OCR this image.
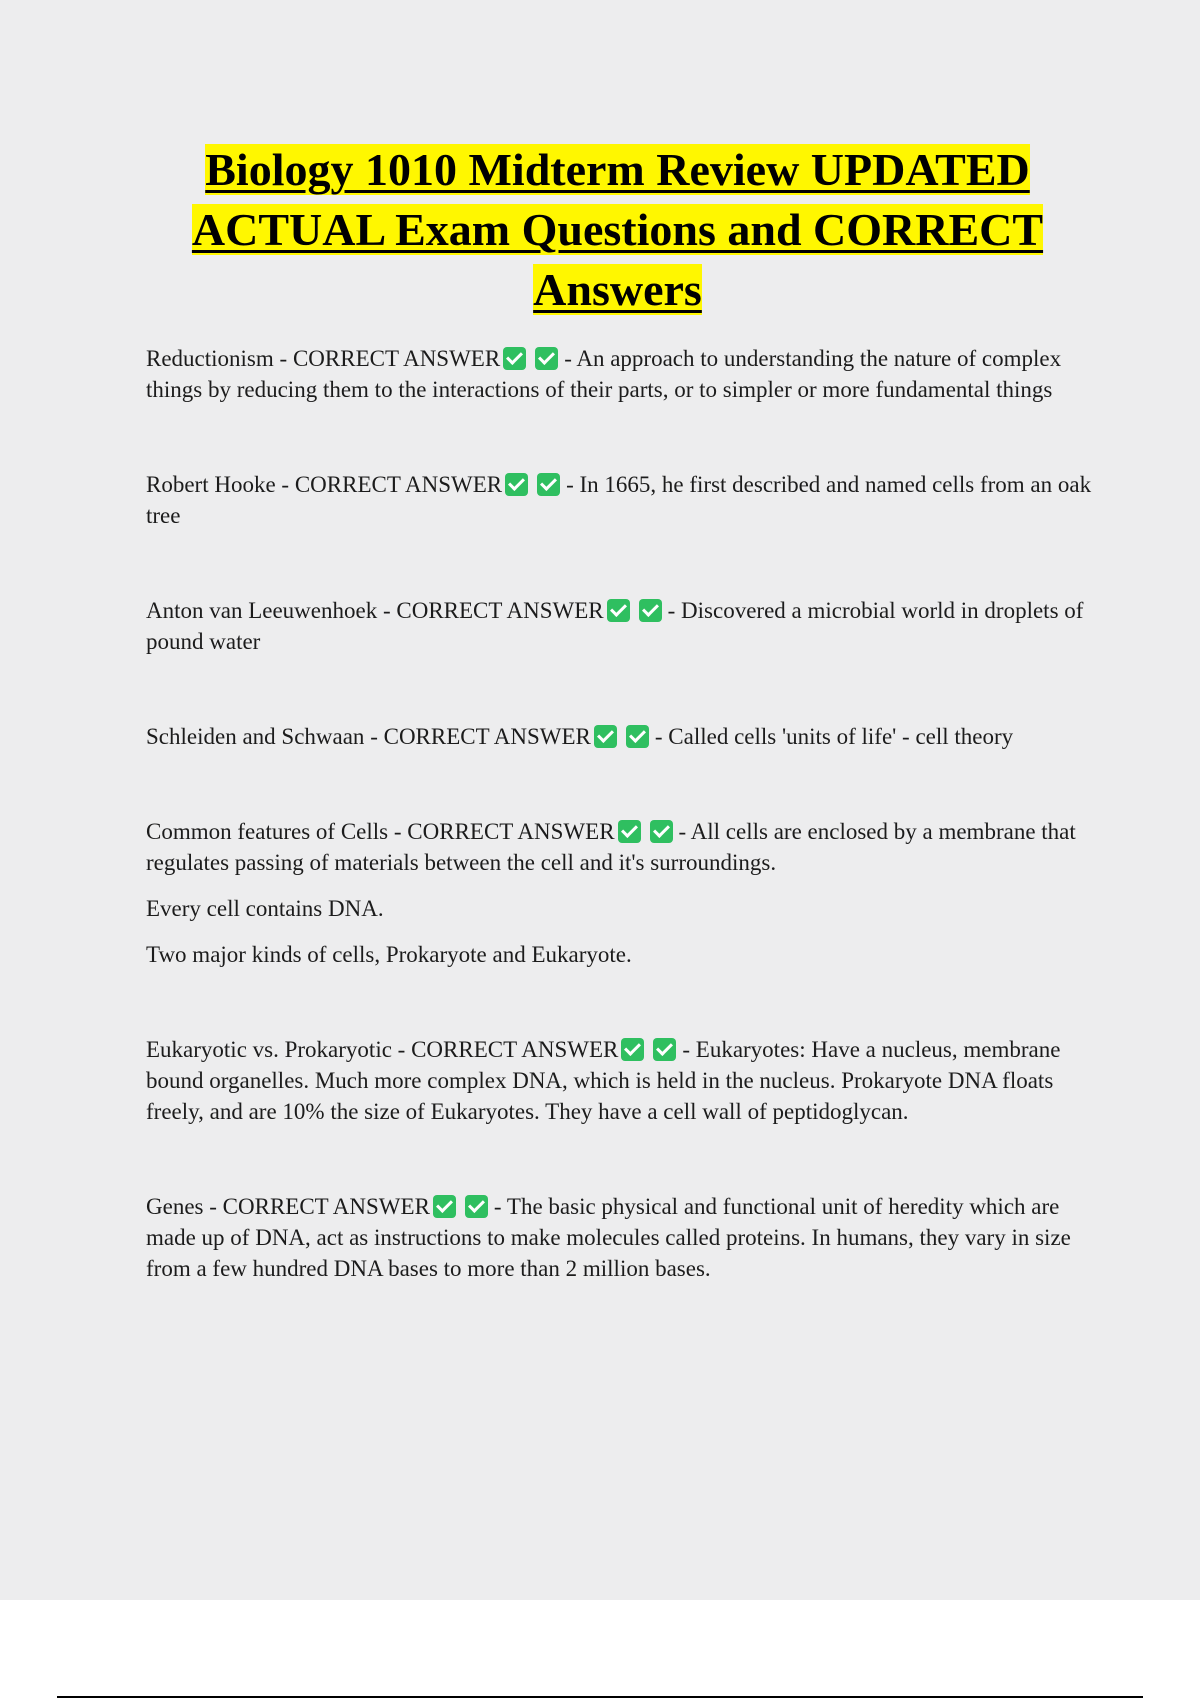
Biology 1010 Midterm Review UPDATED ACTUAL Exam Questions and CORRECT Answers

Reductionism - CORRECT ANSWER	- An approach to understanding the nature of complex things by reducing them to the interactions of their parts, or to simpler or more fundamental things

Robert Hooke - CORRECT ANSWER	- In 1665, he first described and named cells from an oak tree

Anton van Leeuwenhoek - CORRECT ANSWER	- Discovered a microbial world in droplets of pound water

Schleiden and Schwaan - CORRECT ANSWER	- Called cells 'units of life' - cell theory

Common features of Cells - CORRECT ANSWER	- All cells are enclosed by a membrane that regulates passing of materials between the cell and it's surroundings.

Every cell contains DNA.

Two major kinds of cells, Prokaryote and Eukaryote.

Eukaryotic vs. Prokaryotic - CORRECT ANSWER	- Eukaryotes: Have a nucleus, membrane bound organelles. Much more complex DNA, which is held in the nucleus. Prokaryote DNA floats freely, and are 10% the size of Eukaryotes. They have a cell wall of peptidoglycan.

Genes - CORRECT ANSWER	- The basic physical and functional unit of heredity which are made up of DNA, act as instructions to make molecules called proteins. In humans, they vary in size from a few hundred DNA bases to more than 2 million bases.
